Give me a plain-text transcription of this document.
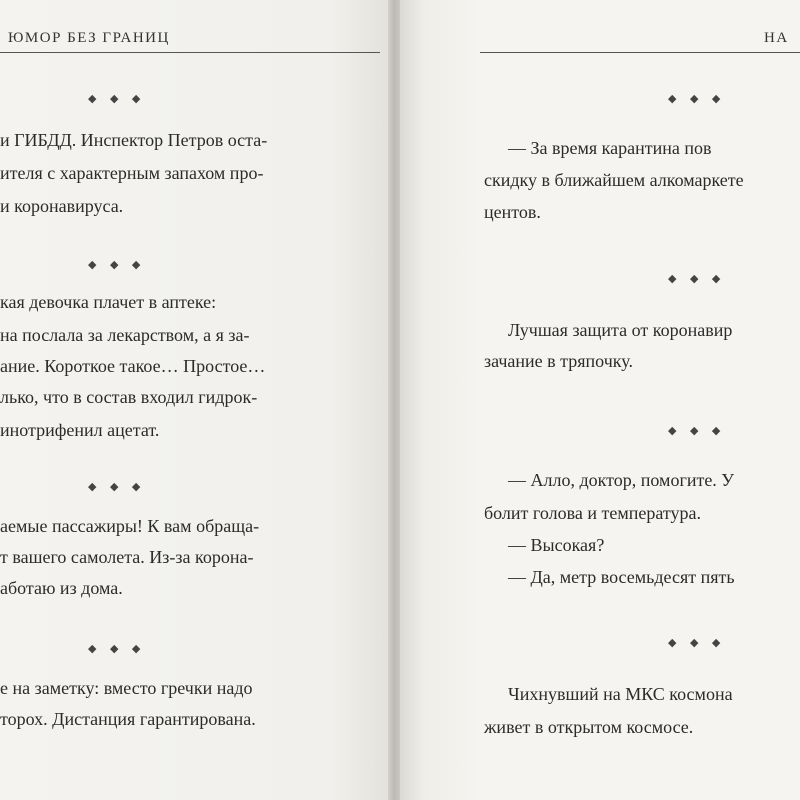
ЮМОР БЕЗ ГРАНИЦ
◆ ◆ ◆
и ГИБДД. Инспектор Петров оста-
ителя с характерным запахом про-
и коронавируса.
◆ ◆ ◆
кая девочка плачет в аптеке:
на послала за лекарством, а я за-
ание. Короткое такое… Простое…
лько, что в состав входил гидрок-
инотрифенил ацетат.
◆ ◆ ◆
аемые пассажиры! К вам обраща-
т вашего самолета. Из-за корона-
аботаю из дома.
◆ ◆ ◆
е на заметку: вместо гречки надо
торох. Дистанция гарантирована.
НА
◆ ◆ ◆
— За время карантина пов
скидку в ближайшем алкомаркете
центов.
◆ ◆ ◆
Лучшая защита от коронавир
зачание в тряпочку.
◆ ◆ ◆
— Алло, доктор, помогите. У
болит голова и температура.
— Высокая?
— Да, метр восемьдесят пять
◆ ◆ ◆
Чихнувший на МКС космона
живет в открытом космосе.
